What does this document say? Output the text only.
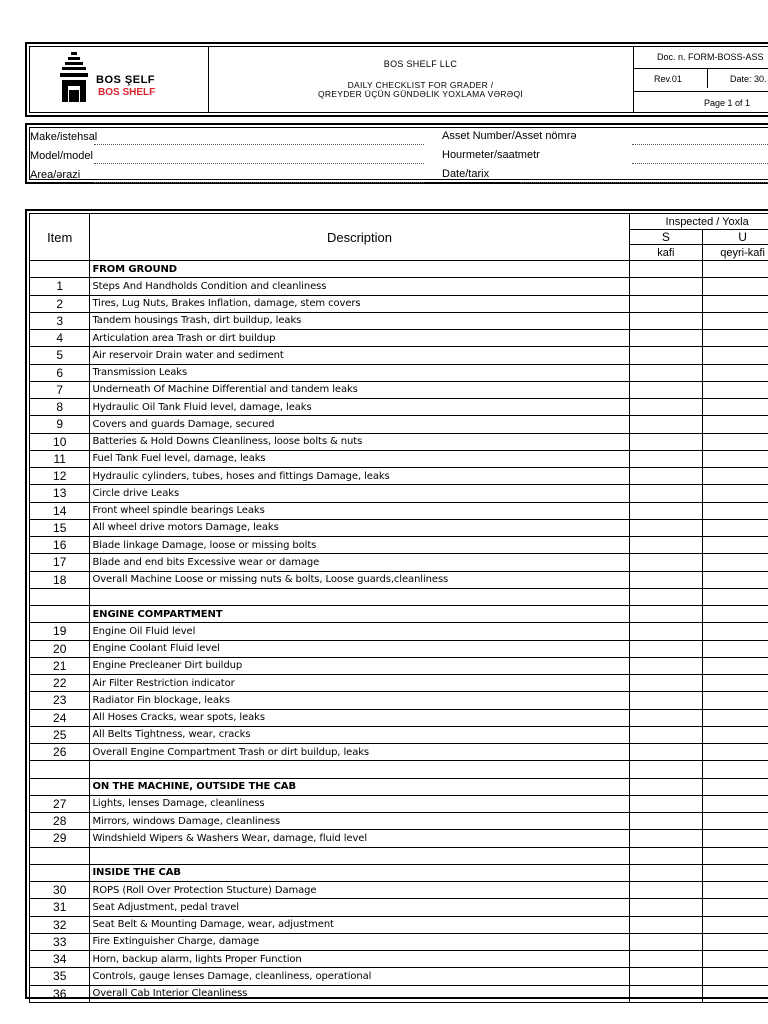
BOS ŞELF
BOS SHELF
BOS SHELF LLC
DAILY CHECKLIST FOR GRADER /
QREYDER ÜÇÜN GÜNDƏLİK YOXLAMA VƏRƏQİ
Doc. n. FORM-BOSS-ASS
Rev.01	Date: 30.
Page 1 of 1
Make/istehsal
Model/model
Area/ərazi
Asset Number/Asset nömrə
Hourmeter/saatmetr
Date/tarix
Item	Description	Inspected / Yoxla	
		S	U
		kafi	qeyri-kafi
	FROM GROUND		
1	Steps And Handholds Condition and cleanliness		
2	Tires, Lug Nuts, Brakes Inflation, damage, stem covers		
3	Tandem housings Trash, dirt buildup, leaks		
4	Articulation area Trash or dirt buildup		
5	Air reservoir Drain water and sediment		
6	Transmission Leaks		
7	Underneath Of Machine Differential and tandem leaks		
8	Hydraulic Oil Tank Fluid level, damage, leaks		
9	Covers and guards Damage, secured		
10	Batteries & Hold Downs Cleanliness, loose bolts & nuts		
11	Fuel Tank Fuel level, damage, leaks		
12	Hydraulic cylinders, tubes, hoses and fittings Damage, leaks		
13	Circle drive Leaks		
14	Front wheel spindle bearings Leaks		
15	All wheel drive motors Damage, leaks		
16	Blade linkage Damage, loose or missing bolts		
17	Blade and end bits Excessive wear or damage		
18	Overall Machine Loose or missing nuts & bolts, Loose guards,cleanliness		

	ENGINE COMPARTMENT		
19	Engine Oil Fluid level		
20	Engine Coolant Fluid level		
21	Engine Precleaner Dirt buildup		
22	Air Filter Restriction indicator		
23	Radiator Fin blockage, leaks		
24	All Hoses Cracks, wear spots, leaks		
25	All Belts Tightness, wear, cracks		
26	Overall Engine Compartment Trash or dirt buildup, leaks		

	ON THE MACHINE, OUTSIDE THE CAB		
27	Lights, lenses Damage, cleanliness		
28	Mirrors, windows Damage, cleanliness		
29	Windshield Wipers & Washers Wear, damage, fluid level		

	INSIDE THE CAB		
30	ROPS (Roll Over Protection Stucture) Damage		
31	Seat Adjustment, pedal travel		
32	Seat Belt & Mounting Damage, wear, adjustment		
33	Fire Extinguisher Charge, damage		
34	Horn, backup alarm, lights Proper Function		
35	Controls, gauge lenses Damage, cleanliness, operational		
36	Overall Cab Interior Cleanliness		
